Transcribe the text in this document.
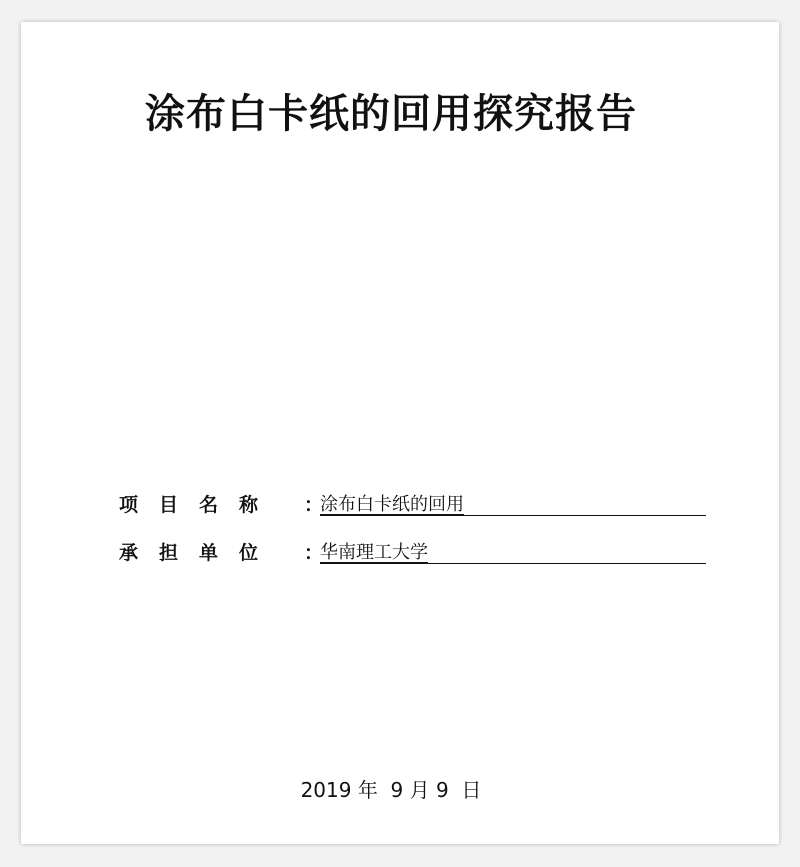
涂布白卡纸的回用探究报告
项目名称	：
涂布白卡纸的回用
承担单位	：
华南理工大学
2019 年  9 月 9  日
